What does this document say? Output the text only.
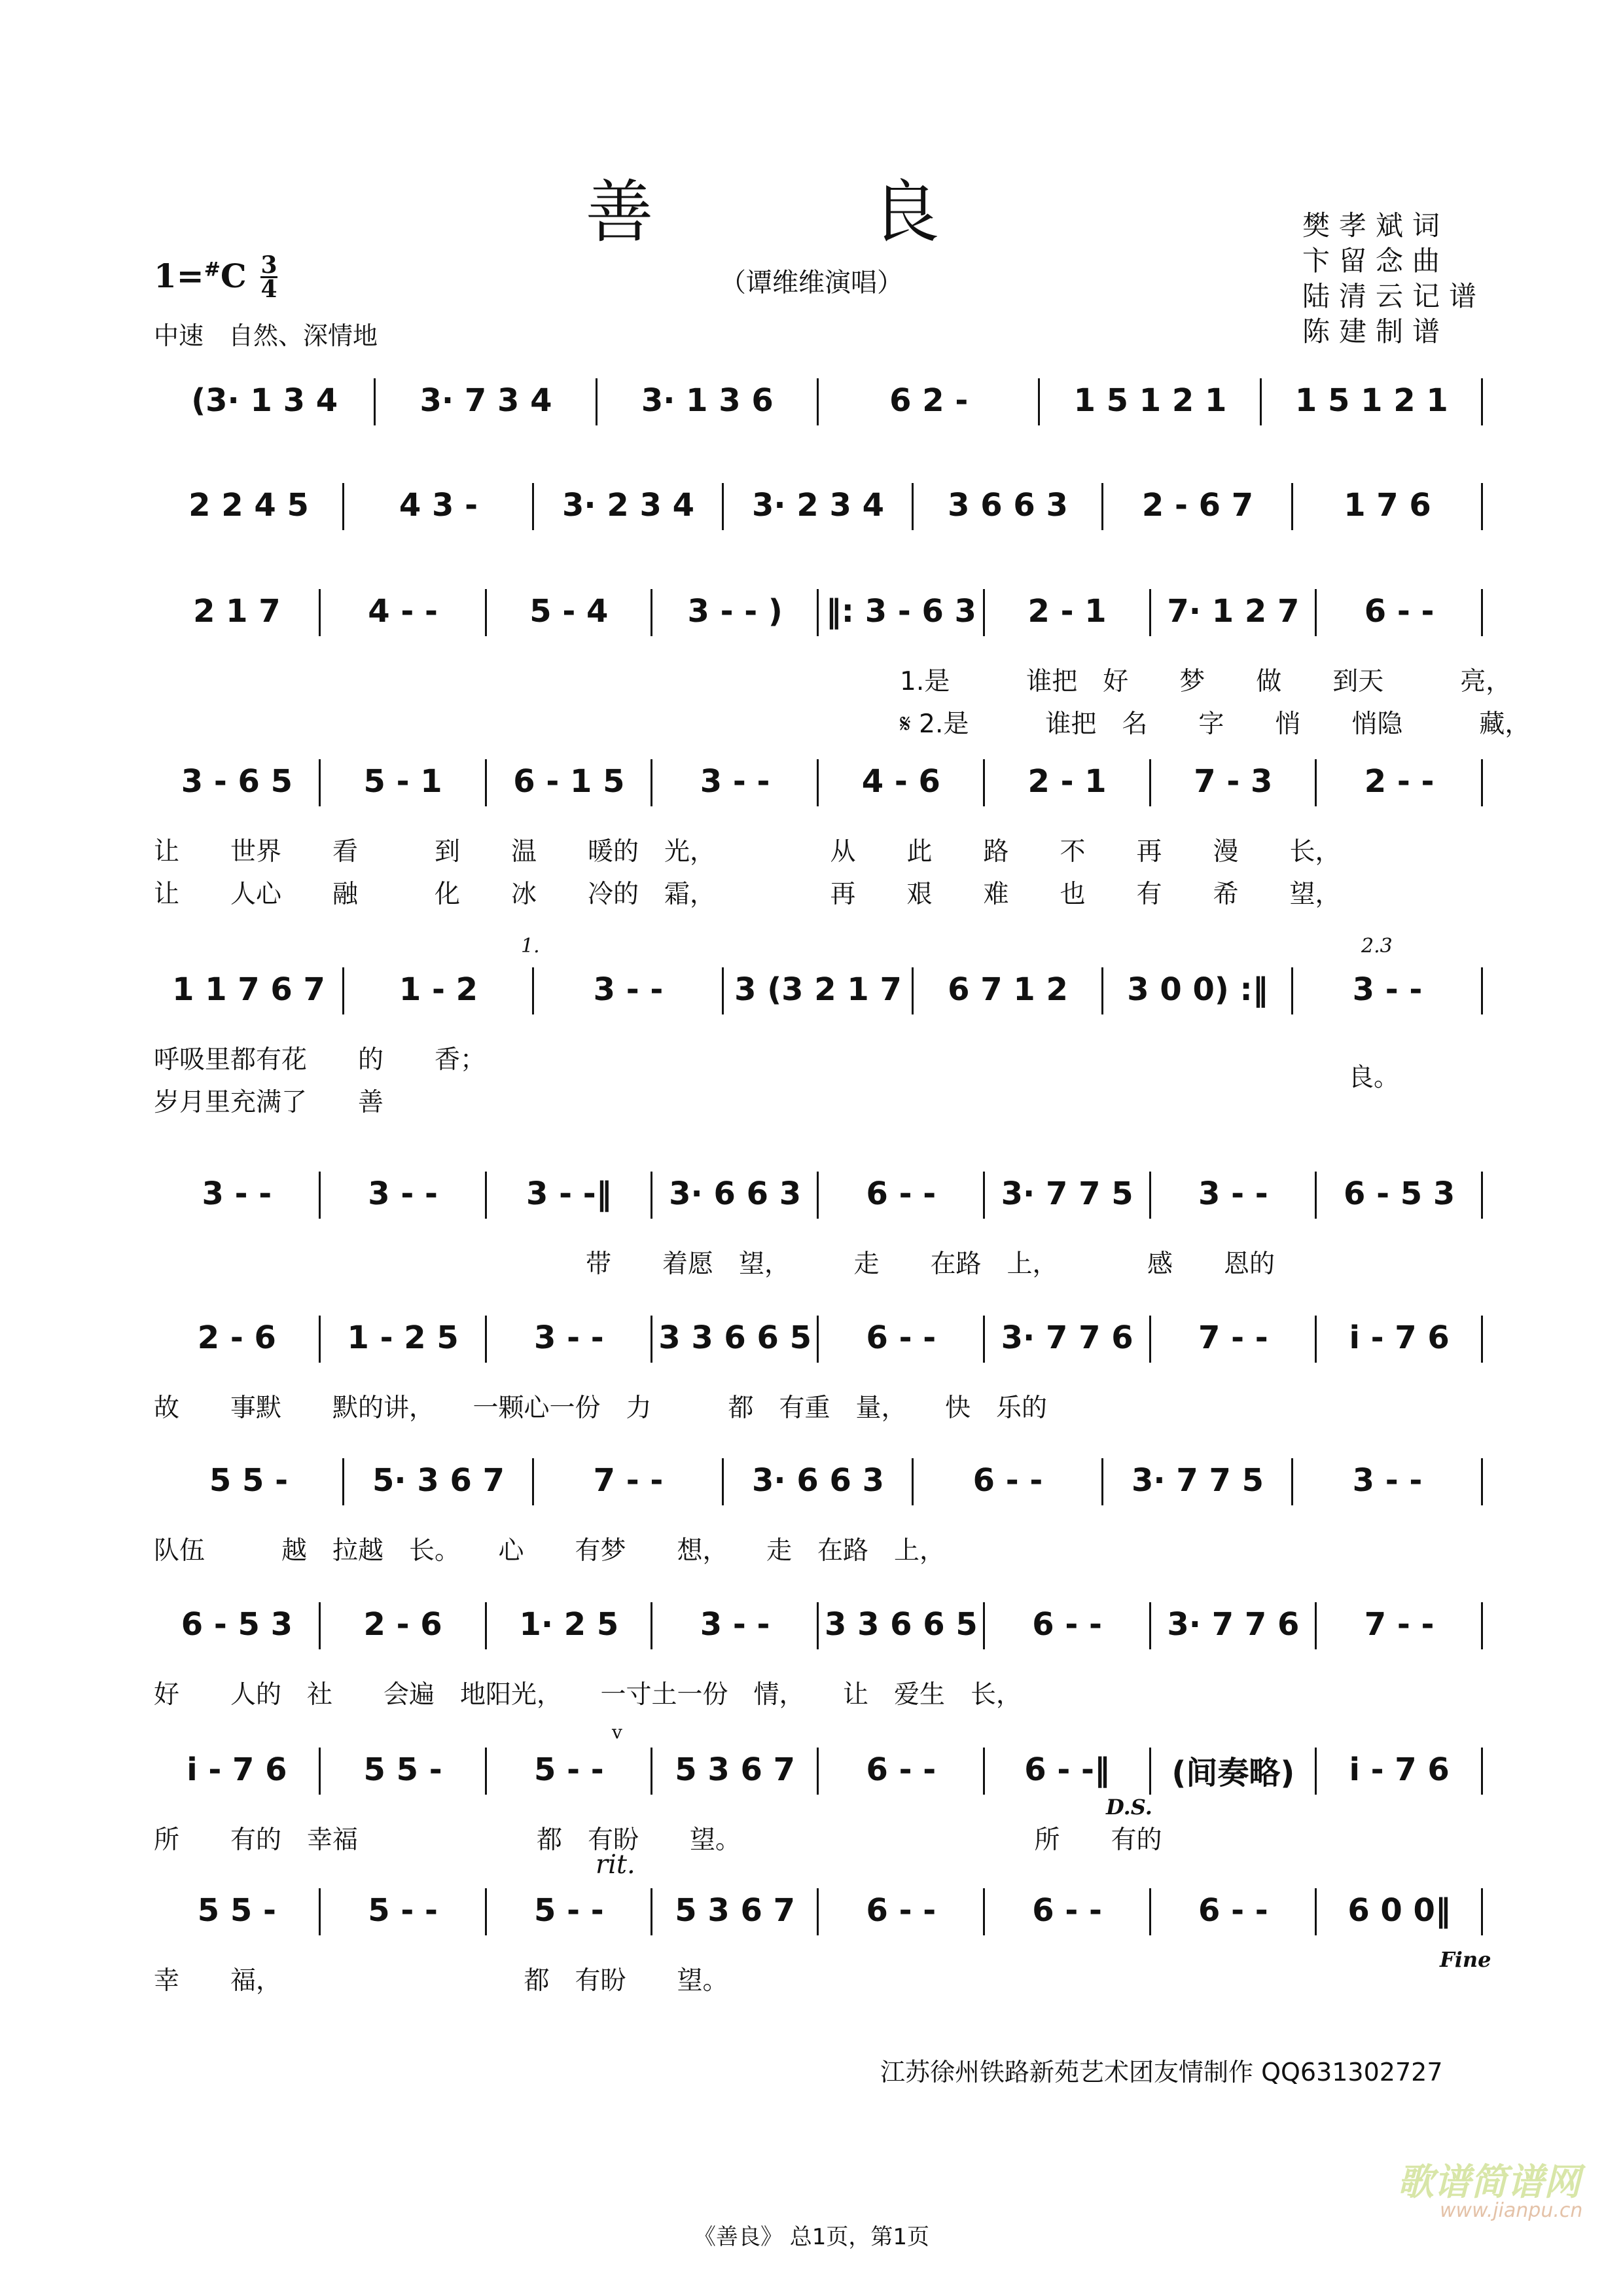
善 良
（谭维维演唱）
樊孝斌词
卞留念曲
陆清云记谱
陈建制谱
1=#C 3
4
中速　自然、深情地
(3· 1 3 4	3· 7 3 4	3· 1 3 6	6 2 -	1 5 1 2 1	1 5 1 2 1
2 2 4 5	4 3 -	3· 2 3 4	3· 2 3 4	3 6 6 3	2 - 6 7	1 7 6
2 1 7	4 - -	5 - 4	3 - - )	‖: 3 - 6 3	2 - 1	7· 1 2 7	6 - -
1.是　　　谁把　好　　梦　　做　　到天　　　亮，
𝄋 2.是　　　谁把　名　　字　　悄　　悄隐　　　藏，
3 - 6 5	5 - 1	6 - 1 5	3 - -	4 - 6	2 - 1	7 - 3	2 - -
让　　世界　　看　　　到　　温　　暖的　光，　　　　　从　　此　　路　　不　　再　　漫　　长，
让　　人心　　融　　　化　　冰　　冷的　霜，　　　　　再　　艰　　难　　也　　有　　希　　望，
1 1 7 6 7	1 - 2	3 - -	3 (3 2 1 7	6 7 1 2	3 0 0) :‖	3 - -
呼吸里都有花　　的　　香；
岁月里充满了　　善
3 - -	3 - -	3 - -‖	3· 6 6 3	6 - -	3· 7 7 5	3 - -	6 - 5 3
带　　着愿　望，　　　走　　在路　上，　　　　感　　恩的
2 - 6	1 - 2 5	3 - -	3 3 6 6 5	6 - -	3· 7 7 6	7 - -	i - 7 6
故　　事默　　默的讲，　　一颗心一份　力　　　都　有重　量，　　快　乐的
5 5 -	5· 3 6 7	7 - -	3· 6 6 3	6 - -	3· 7 7 5	3 - -
队伍　　　越　拉越　长。　　心　　有梦　　想，　　走　在路　上，
6 - 5 3	2 - 6	1· 2 5	3 - -	3 3 6 6 5	6 - -	3· 7 7 6	7 - -
好　　人的　社　　会遍　地阳光，　　一寸土一份　情，　　让　爱生　长，
i - 7 6	5 5 -	5 - -	5 3 6 7	6 - -	6 - -‖	(间奏略)	i - 7 6
所　　有的　幸福　　　　　　　都　有盼　　望。　　　　　　　　　　　　所　　有的
5 5 -	5 - -	5 - -	5 3 6 7	6 - -	6 - -	6 - -	6 0 0‖
幸　　福，　　　　　　　　　　都　有盼　　望。
D.S.
rit.
Fine
1.	2.3
v
良。
江苏徐州铁路新苑艺术团友情制作 QQ631302727
《善良》 总1页，第1页
歌谱简谱网
www.jianpu.cn
